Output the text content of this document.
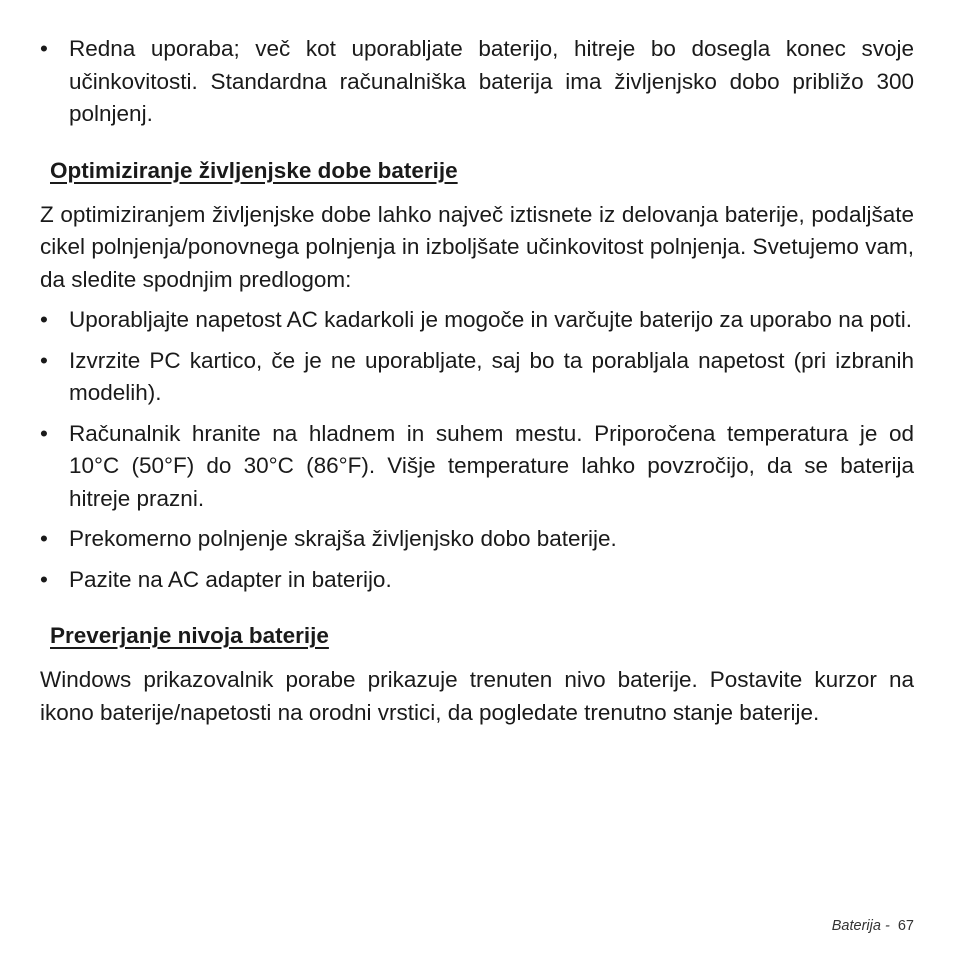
• Redna uporaba; več kot uporabljate baterijo, hitreje bo dosegla konec svoje učinkovitosti. Standardna računalniška baterija ima življenjsko dobo približo 300 polnjenj.

Optimiziranje življenjske dobe baterije

Z optimiziranjem življenjske dobe lahko največ iztisnete iz delovanja baterije, podaljšate cikel polnjenja/ponovnega polnjenja in izboljšate učinkovitost polnjenja. Svetujemo vam, da sledite spodnjim predlogom:

• Uporabljajte napetost AC kadarkoli je mogoče in varčujte baterijo za uporabo na poti.

• Izvrzite PC kartico, če je ne uporabljate, saj bo ta porabljala napetost (pri izbranih modelih).

• Računalnik hranite na hladnem in suhem mestu. Priporočena temperatura je od 10°C (50°F) do 30°C (86°F). Višje temperature lahko povzročijo, da se baterija hitreje prazni.

• Prekomerno polnjenje skrajša življenjsko dobo baterije.

• Pazite na AC adapter in baterijo.

Preverjanje nivoja baterije

Windows prikazovalnik porabe prikazuje trenuten nivo baterije. Postavite kurzor na ikono baterije/napetosti na orodni vrstici, da pogledate trenutno stanje baterije.

Baterija - 67
